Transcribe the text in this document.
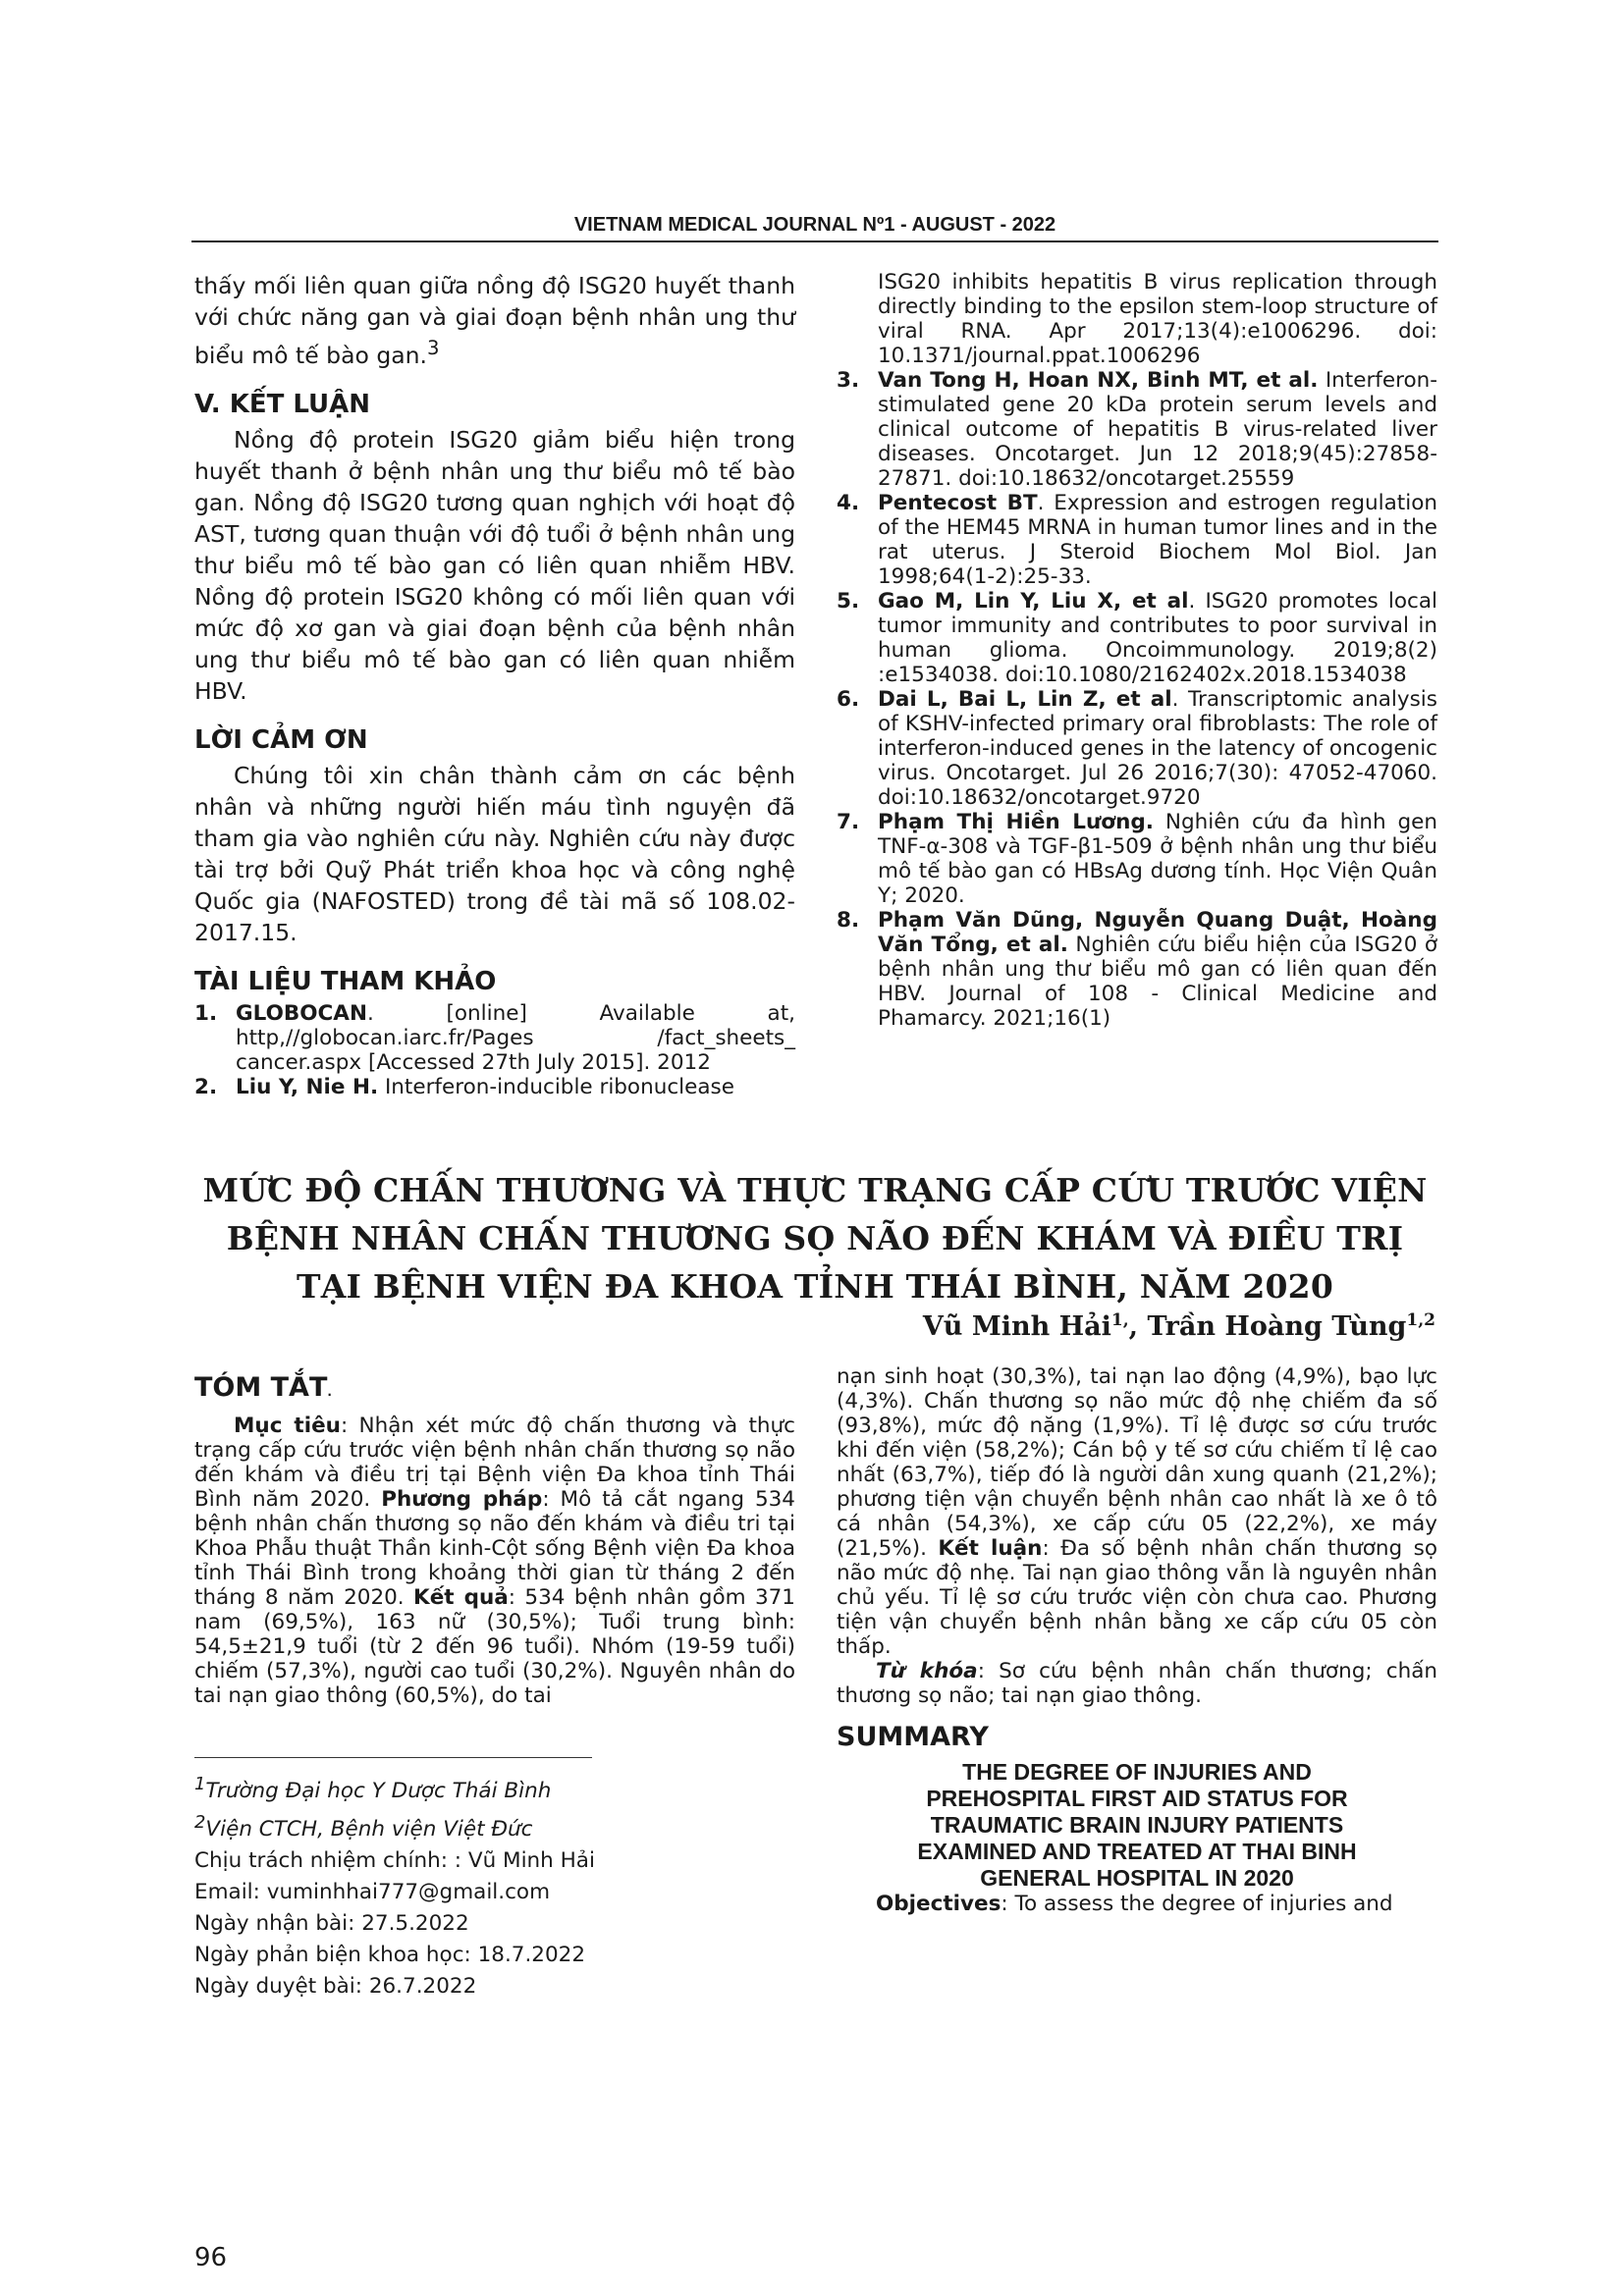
VIETNAM MEDICAL JOURNAL Nº1 - AUGUST - 2022

thấy mối liên quan giữa nồng độ ISG20 huyết thanh với chức năng gan và giai đoạn bệnh nhân ung thư biểu mô tế bào gan.$^3$

V. KẾT LUẬN

Nồng độ protein ISG20 giảm biểu hiện trong huyết thanh ở bệnh nhân ung thư biểu mô tế bào gan. Nồng độ ISG20 tương quan nghịch với hoạt độ AST, tương quan thuận với độ tuổi ở bệnh nhân ung thư biểu mô tế bào gan có liên quan nhiễm HBV. Nồng độ protein ISG20 không có mối liên quan với mức độ xơ gan và giai đoạn bệnh của bệnh nhân ung thư biểu mô tế bào gan có liên quan nhiễm HBV.

LỜI CẢM ƠN

Chúng tôi xin chân thành cảm ơn các bệnh nhân và những người hiến máu tình nguyện đã tham gia vào nghiên cứu này. Nghiên cứu này được tài trợ bởi Quỹ Phát triển khoa học và công nghệ Quốc gia (NAFOSTED) trong đề tài mã số 108.02-2017.15.

TÀI LIỆU THAM KHẢO
1. GLOBOCAN. [online] Available at, http,//globocan.iarc.fr/Pages /fact_sheets_ cancer.aspx [Accessed 27th July 2015]. 2012
2. Liu Y, Nie H. Interferon-inducible ribonuclease

ISG20 inhibits hepatitis B virus replication through directly binding to the epsilon stem-loop structure of viral RNA. Apr 2017;13(4):e1006296. doi: 10.1371/journal.ppat.1006296

3. Van Tong H, Hoan NX, Binh MT, et al. Interferon-stimulated gene 20 kDa protein serum levels and clinical outcome of hepatitis B virus-related liver diseases. Oncotarget. Jun 12 2018;9(45):27858-27871. doi:10.18632/oncotarget.25559
4. Pentecost BT. Expression and estrogen regulation of the HEM45 MRNA in human tumor lines and in the rat uterus. J Steroid Biochem Mol Biol. Jan 1998;64(1-2):25-33.
5. Gao M, Lin Y, Liu X, et al. ISG20 promotes local tumor immunity and contributes to poor survival in human glioma. Oncoimmunology. 2019;8(2) :e1534038. doi:10.1080/2162402x.2018.1534038
6. Dai L, Bai L, Lin Z, et al. Transcriptomic analysis of KSHV-infected primary oral fibroblasts: The role of interferon-induced genes in the latency of oncogenic virus. Oncotarget. Jul 26 2016;7(30): 47052-47060. doi:10.18632/oncotarget.9720
7. Phạm Thị Hiền Lương. Nghiên cứu đa hình gen TNF-α-308 và TGF-β1-509 ở bệnh nhân ung thư biểu mô tế bào gan có HBsAg dương tính. Học Viện Quân Y; 2020.
8. Phạm Văn Dũng, Nguyễn Quang Duật, Hoàng Văn Tổng, et al. Nghiên cứu biểu hiện của ISG20 ở bệnh nhân ung thư biểu mô gan có liên quan đến HBV. Journal of 108 - Clinical Medicine and Phamarcy. 2021;16(1)
MỨC ĐỘ CHẤN THƯƠNG VÀ THỰC TRẠNG CẤP CỨU TRƯỚC VIỆN
BỆNH NHÂN CHẤN THƯƠNG SỌ NÃO ĐẾN KHÁM VÀ ĐIỀU TRỊ
TẠI BỆNH VIỆN ĐA KHOA TỈNH THÁI BÌNH, NĂM 2020
Vũ Minh Hải$^{1,}$, Trần Hoàng Tùng$^{1,2}$
TÓM TẮT.

Mục tiêu: Nhận xét mức độ chấn thương và thực trạng cấp cứu trước viện bệnh nhân chấn thương sọ não đến khám và điều trị tại Bệnh viện Đa khoa tỉnh Thái Bình năm 2020. Phương pháp: Mô tả cắt ngang 534 bệnh nhân chấn thương sọ não đến khám và điều tri tại Khoa Phẫu thuật Thần kinh-Cột sống Bệnh viện Đa khoa tỉnh Thái Bình trong khoảng thời gian từ tháng 2 đến tháng 8 năm 2020. Kết quả: 534 bệnh nhân gồm 371 nam (69,5%), 163 nữ (30,5%); Tuổi trung bình: 54,5±21,9 tuổi (từ 2 đến 96 tuổi). Nhóm (19-59 tuổi) chiếm (57,3%), người cao tuổi (30,2%). Nguyên nhân do tai nạn giao thông (60,5%), do tai

$^1$Trường Đại học Y Dược Thái Bình

$^2$Viện CTCH, Bệnh viện Việt Đức

Chịu trách nhiệm chính: : Vũ Minh Hải

Email: vuminhhai777@gmail.com

Ngày nhận bài: 27.5.2022

Ngày phản biện khoa học: 18.7.2022

Ngày duyệt bài: 26.7.2022

nạn sinh hoạt (30,3%), tai nạn lao động (4,9%), bạo lực (4,3%). Chấn thương sọ não mức độ nhẹ chiếm đa số (93,8%), mức độ nặng (1,9%). Tỉ lệ được sơ cứu trước khi đến viện (58,2%); Cán bộ y tế sơ cứu chiếm tỉ lệ cao nhất (63,7%), tiếp đó là người dân xung quanh (21,2%); phương tiện vận chuyển bệnh nhân cao nhất là xe ô tô cá nhân (54,3%), xe cấp cứu 05 (22,2%), xe máy (21,5%). Kết luận: Đa số bệnh nhân chấn thương sọ não mức độ nhẹ. Tai nạn giao thông vẫn là nguyên nhân chủ yếu. Tỉ lệ sơ cứu trước viện còn chưa cao. Phương tiện vận chuyển bệnh nhân bằng xe cấp cứu 05 còn thấp.

Từ khóa: Sơ cứu bệnh nhân chấn thương; chấn thương sọ não; tai nạn giao thông.

SUMMARY
THE DEGREE OF INJURIES AND
PREHOSPITAL FIRST AID STATUS FOR
TRAUMATIC BRAIN INJURY PATIENTS
EXAMINED AND TREATED AT THAI BINH
GENERAL HOSPITAL IN 2020

Objectives: To assess the degree of injuries and

96
